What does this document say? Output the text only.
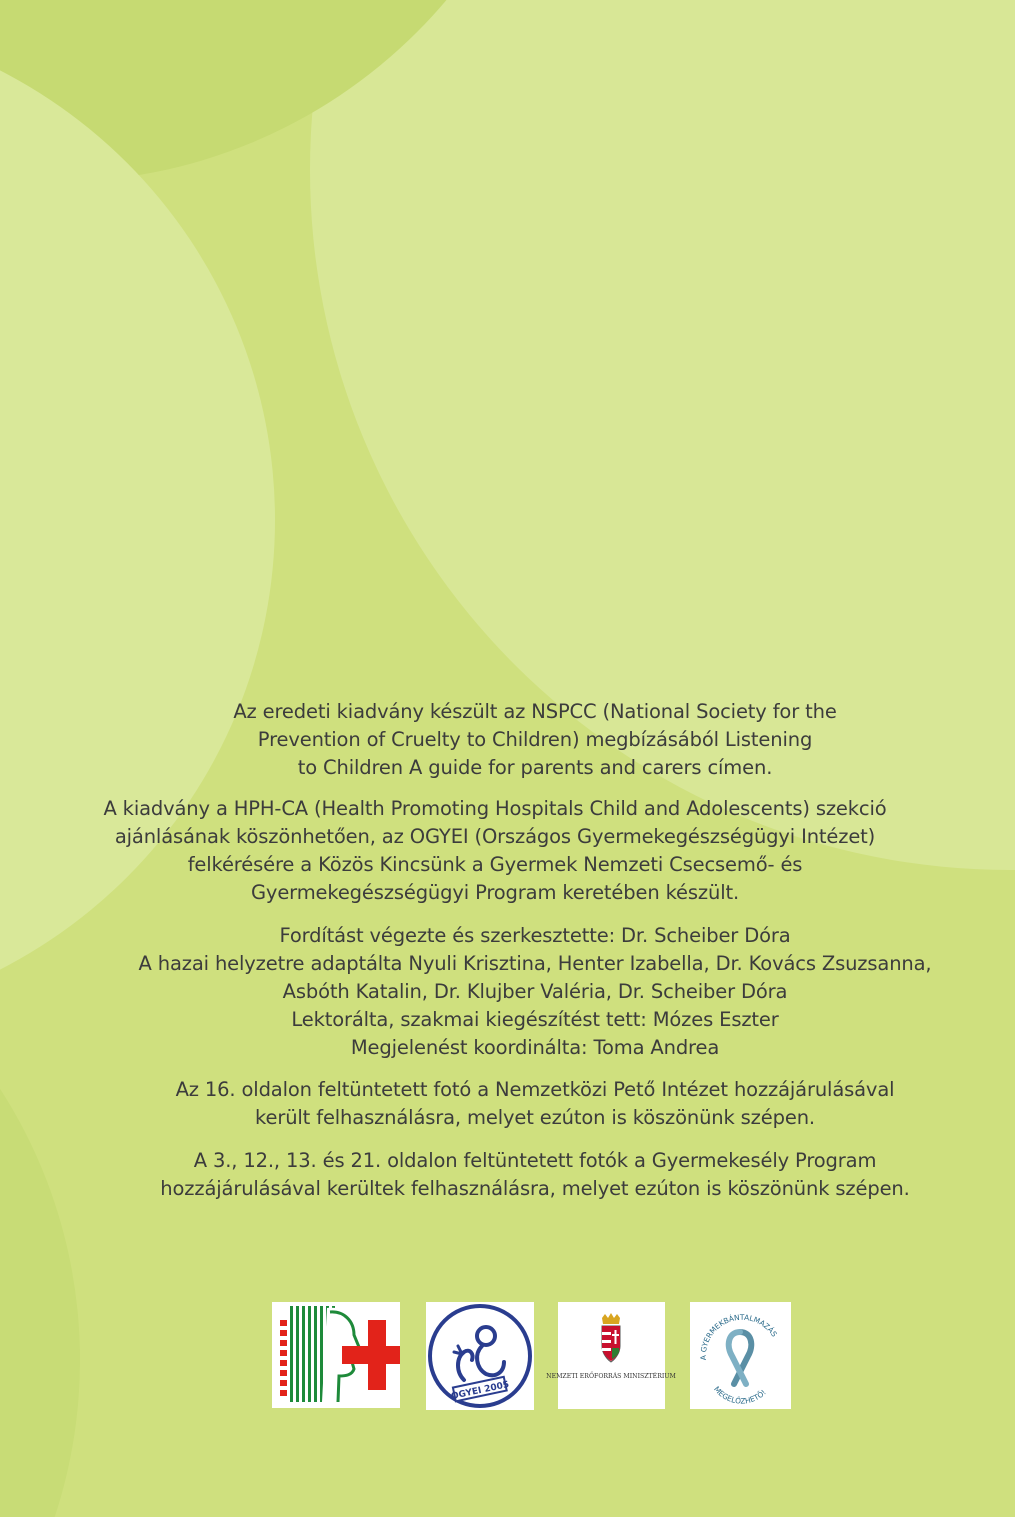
Az eredeti kiadvány készült az NSPCC (National Society for the
Prevention of Cruelty to Children) megbízásából Listening
to Children A guide for parents and carers címen.
A kiadvány a HPH-CA (Health Promoting Hospitals Child and Adolescents) szekció
ajánlásának köszönhetően, az OGYEI (Országos Gyermekegészségügyi Intézet)
felkérésére a Közös Kincsünk a Gyermek Nemzeti Csecsemő- és
Gyermekegészségügyi Program keretében készült.
Fordítást végezte és szerkesztette: Dr. Scheiber Dóra
A hazai helyzetre adaptálta Nyuli Krisztina, Henter Izabella, Dr. Kovács Zsuzsanna,
Asbóth Katalin, Dr. Klujber Valéria, Dr. Scheiber Dóra
Lektorálta, szakmai kiegészítést tett: Mózes Eszter
Megjelenést koordinálta: Toma Andrea
Az 16. oldalon feltüntetett fotó a Nemzetközi Pető Intézet hozzájárulásával
került felhasználásra, melyet ezúton is köszönünk szépen.
A 3., 12., 13. és 21. oldalon feltüntetett fotók a Gyermekesély Program
hozzájárulásával kerültek felhasználásra, melyet ezúton is köszönünk szépen.
OGYEI 2005
NEMZETI ERŐFORRÁS MINISZTÉRIUM
A GYERMEKBÁNTALMAZÁS
MEGELŐZHETŐ!
